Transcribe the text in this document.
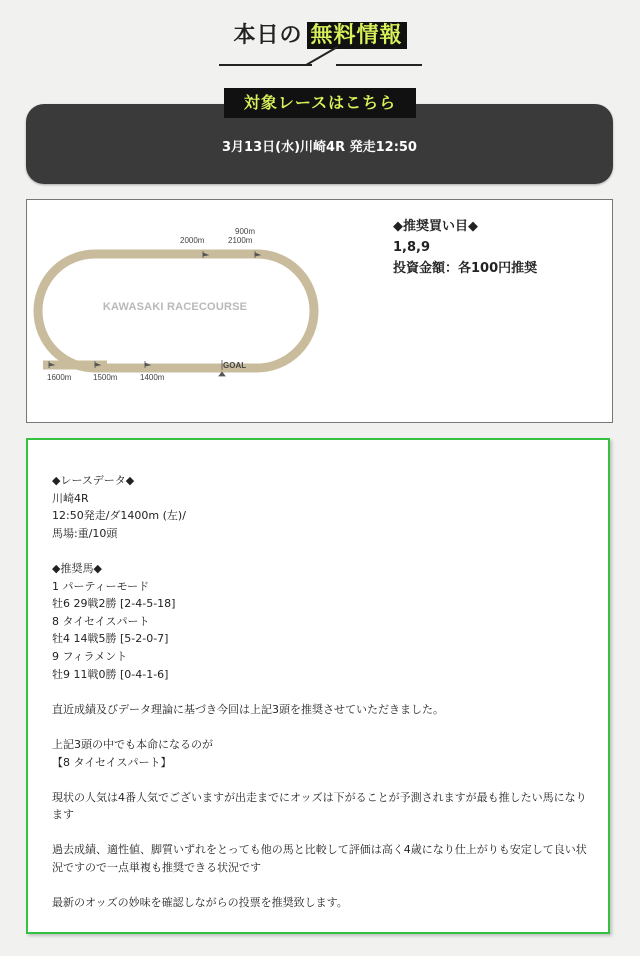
本日の 無料情報
対象レースはこちら
3月13日(水)川崎4R 発走12:50
KAWASAKI RACECOURSE
2000m
900m
2100m
1600m	1500m	1400m
GOAL
◆推奨買い目◆
1,8,9
投資金額：各100円推奨

◆レースデータ◆

川崎4R

12:50発走/ダ1400m (左)/

馬場:重/10頭

◆推奨馬◆

1 パーティーモード

牡6 29戦2勝 [2-4-5-18]

8 タイセイスパート

牡4 14戦5勝 [5-2-0-7]

9 フィラメント

牡9 11戦0勝 [0-4-1-6]

直近成績及びデータ理論に基づき今回は上記3頭を推奨させていただきました。

上記3頭の中でも本命になるのが

【8 タイセイスパート】

現状の人気は4番人気でございますが出走までにオッズは下がることが予測されますが最も推したい馬になります

過去成績、適性値、脚質いずれをとっても他の馬と比較して評価は高く4歳になり仕上がりも安定して良い状況ですので一点単複も推奨できる状況です

最新のオッズの妙味を確認しながらの投票を推奨致します。
